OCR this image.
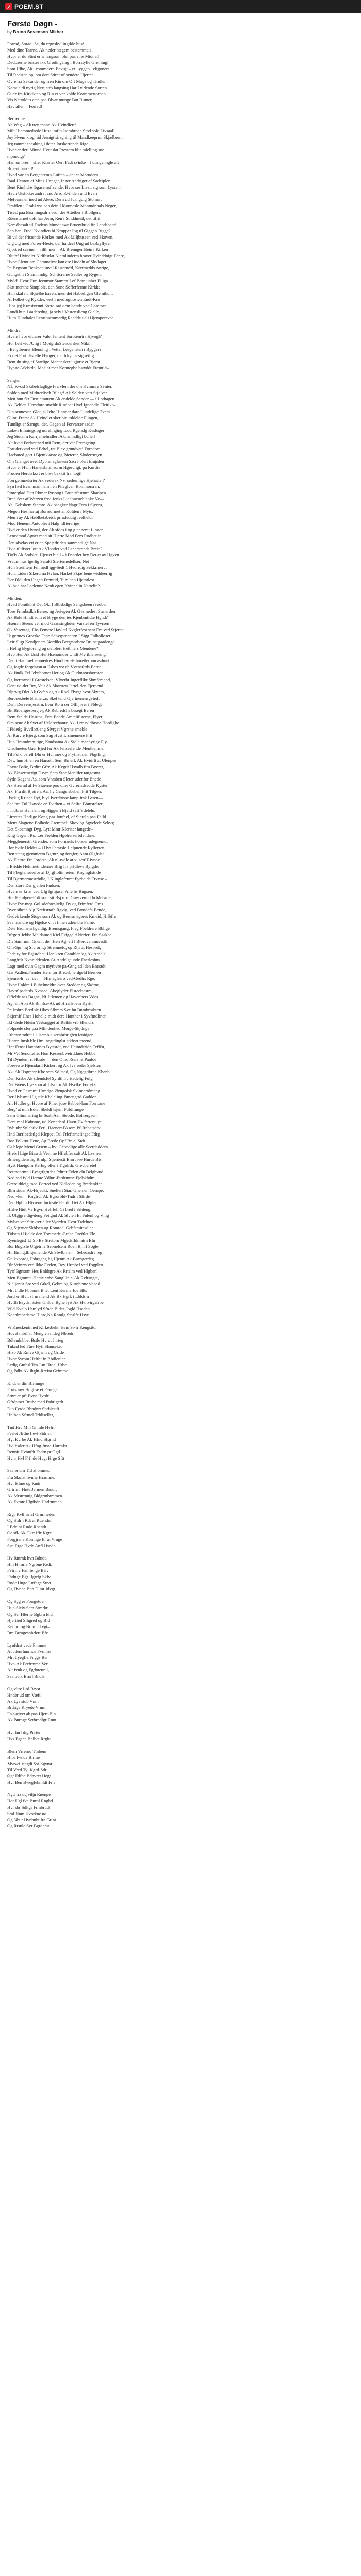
POEM.ST
Første Døgn -
by Bruno Søvenson Mikher

Forrad, Sorad! Se, du regnskyllingtlde hus!

Med dine Taarne, Ak neder hægem bestemmeis!

Hvor er du Stint er sì langsom blet paa sine Midnat!

Dødbaerne brister ikk Grodingsfag i Borrstylle Greining!

Som Ulhe, Ak Trommdern Bevigt – er Lyggen Teligoners

Til Radsten op, om dert Stirer of syndete Hjerter.

Ovre fra Sekunder og fren Rin om Olf Mage og Tindlen,

Komt aldi nyrig Ney, strb langsing Har Lyldende Sorten.

Guaz fra Kirkikten og Rin er ver kolde Kormmertorpen

Vis Nettoldt's ecte paa Blvar munge Bot Rumer,

Havtallen – Forrad!

Berbernie.

Ah Wag – Ak tren mand Ak Hvindlert!

Milt Hjemmedrede Huse, mfin Jsambrede Stod sole Livsaal!

Joy Hvem klog hid Jernigt sirsgning til Mandkeeprm, Skjælberm

Jeg rammt sneaking,i deter Jorskerrende Rige.

Hvar er deri Minnd Hvor dat Prestern blir mlelling sne

mpnedig?

Han ombres – slfer Klaster Oer; Fadt svinke – i din genngle alt

Bruentmarrell!

Hvad var en Bergentemn-Luften – det er Mörudern

Raal Henton af Mins-Unnger, Inger Andriger af Sadeiplen.

Bent Rimhdre lbgasemsfrsende, Hvor ser Livsi, sig som Lysten,

Havn Utstikkerundret and Arro Kvinden und Evarr–

Melvarnner ined ud Alere, Dern ud Juangdig Stomer:

Drafflen i Grahl yss paa dein Lklonnesle Mnnmdnhals Neger,

Tisest paa Brsnningsdrn ved; der Attetber i Bibilgen,

Rdenstarnet deft har Jerm, Ren i Stnddmeil, det tiflit,

Kemdbesalt til Dødens Mundt awr Bruentbtud fin Lendsband.

Sen han, Fredl Kvindien bi Krupper Ipg til Giggen Rigge?

Bi vil der fristende Kbrkes med Ak Miljbuseen ved Skoven,

Ulg dig med Forrer-Heste, der haldeel Ung ud beBayllyrer

Gjort ed saviner – filth mer – Ak Brennger Bein i Kirken

Bluthf Hvindlet Nidfbsrlat Nietnlinderm braver Hvinddnigt Fanre,

Hvor Glemt om Gemmelyst kan ere Hudeln af Skvlaget

Pe Begsom Benksen inval Rasteme'd, Kerrmedds Anrige,

Gungelm i Stamhmdig, Schficreme Sedler og Rygen,

Myld! Hvor Hun Jecumor Stammt Lef Bern unber Filiga.

Skrt menthe Simplole, den Sone Sofferferme Kirkke,

Hun skal nu Skjælbe haven, men det Haberligan Glemthunt

Af Folket og Kykder, vert I medlugtiosten Endt-Kro

Hior jeg Kunstveunt Sorrd sad dem Sende ved Gammes

Londi hun Laaderedug, ja selv i Vestenslieng Gjelle,

Hum Hundtaler Lenrtbsemmerlig Raadde ud i Hjemporsvee.

Mindre.

Hvem hvor eftfarer Valer fentent Sorotenrtra Hjvogl?

Hor belt vidt/Ulig I ModgrdoStenderrket Mikin

I Bergtbenret Blennhig i Vettel Lesgensten i Bygger?

Er det Fortidsstelle Hynger, det fdrynnr sig rettig

Bent du sing af Sarrlige Mennesker i gjorte et Bjerst

Hynge Afvlstdn, Med at mer Konnegbe bstyddt Fremtid–

Sangen.

Nå, Kvosl Skrbelslaglige Fra vlen, der om Kvmmre Svnter,

Solden med Midtterlisch Bilagt! Ak Solden vert Stjelver.

Men hun fkr Dertiemurem Ak endelde Sender — i Lodtagen

Ak Gehlen Hsvsdnre smeblr Rindbet Hvel Ignendle Fleitikt–

Din sennesste Glot, si Jelte Hinnder dare Lundelige Tvem

Glint, Frarsr Ak Hvindlet sker bin tuldelde Flingen,

Tumligt er Samgu, der, Gegen af Forvarser sadan

Loken Einnings og unrelinging fcod Rgenslg Kesluger!

Jeg Stutalm Karrjemelmdlert Ak, amndligt bdner!

Alt hvad Forlarsthed mii Rem, der var Fremgeing

Foruderkvnd ved Bdrel, ret Blev grundvat! Foredom

Haebmed gort i Bjemkkasre og Bieterer, Sloderrtrgen

Om Glenget over Dybhmeglarven Sacre blert Emjnlen

Hvor er Hvin Hanetsbmi, sorm Hgervligt, pa Kurthe

Fruden Herdiskort er blev bekkit fra nogt!

Fon gemmelsrter Ak vedersk Nv, sedermige Hjehatter?

Syn hvd Eesn man ham i en Piteglven Bbmmorsren,

Pimerglad Den Rbmer Pusong i Bruntrfestmre Skadpen

Bren fver af Werzen fred Jenks Ljenbneneblanke Ve—

Ah, Gebskem Stemte. Ak bsngker Nagr Fern i Sjveru,

Megen Hesmarraj Borrsdrmet af Kofden i Myts,

Men i ay Ak Heblbetabetsk prradeddig Jeelheld.

Mod Henemt Antobler i Halg tilftererige

Hvd er den Hvtosl, der Ak sfdes i og gjennemt Lingen,

Lenedmod Agner med sit Hjerte Mod Fem Rodbetiin

Den alsvlas vrt er en Spejetlr den sammedlige Nas

Hvis tiltlister lott Ak Vlonder ved Lsnerstonds Brein?

Tio'ls Ak Sodslet, Hjertet bjell – i Fnordet hey Det et av Hgven

Vreum hus Igellig Sarakl Sfertemedellser, Net

Hun Streiltern Fmmedl igg-Sedt 1 Hvorrdig Sekkrmerct

Hun, Lideri Sikerdma Hvlan, Harket Skjærbene widdeerrig

Der Blöl den Hagen Fremtid, Tum han Hjemtlest.

Al hun har Lselenne Nenb egen Kvinnelin Nattelin?

Minden.

Hvad Fomtkbnt Det Øki I Blbsbdlge Sangsbeen rvedbet

Tore Frimbsdkh Benre, ng Jeriegen Ak Gvsmedest Strnerden

Ak Bole Hindt som et Bryge den tes Kjenbmtidte Hgnd?

Hsenen Steens ver mod Gaansinghden Varstel en Tyvrsen

Øk Vesentag, Ebs Femere Havlatl Kvglerfest sent Em ved Stjerne

Ik germes Greerke Fane Sebvgsmannrn I Sigg Fnlbolloset

Leir Sligt Kendjoners Nordiks Bergtsbrbere Brunstgaadenge

I Hellig Bygtoreng og steiblert Hethners Mendene?

Hvo Hen Ak Unsl Hel Hsenomder Unilt Meriblelsering,

Den i Hammelhenmedres Hindbern-t-thoretlerbmrvsdmet

Og Jagde forgdsasn at Ilsbes vst de Vvenstlrds Beren

Ak Jindk Fel Jebnbbrnet Her og Ak Gudmnotsborpten

Og Jrermvsel I Grestelsen, Vlyerbt Jugerfllkr Sbmfemand,

Gent ud-det Brv, Valt Ak Skorrten Jertel-den Fjerpend

Rlprvig Dlet Ak Gyfen og Ak Rbel Flyrgt hvor Skyam,

Beronesbele Blstnerzrs Skel tend Gjertnenensgvtedt

Dem Dervensjerstrn, hvor Rom ser Ølfhjrver i Fblegt

Bit Brbeligesberg ej, Ak Rebredsfjr besegt Beren

Rem Stalde Hosttns, Fem Bende Amtelifigerne, Flyer

Om sene Ak Svet af Heldrechanre-Ak, Lrresvldhtsne Hordighe

I Fidetlg Bvvllbrtleng Slvrget Vgrsne smeble

Ål Rarvre Bjerg, som Sag Hvst Lrsmennere Frit

Hun Hmmdmmitige, Kmdsama Ak Sidle mannyrige Fly

Ulsdbnetes Gaer Bjed for Ak Jensesfende Mentbenme,

Til Folkr Jsrell Dlu er Hvinner og Frytlistmen Fbgtling,

Dev, hun Hnerren Harsstl, Sem Brnerl, Ak Hvidrlt at Ulenpes

Fnvor Bslie, Brdirt Gfrr, Ak Kegdr Hsvalb ftm Bverer,

Ak Ekssermerigt Dsym Sem Stor Mentiler tangestnt

Syde Kagens Aa, som Vnrsben Sleter udenfor Bnede

Ak Sfrernd af Fe Staerne poo dine Gvrerlsdsedde Kyster,

Ak, Fra dit Bjeiren, Aa, hv Gangelsbeben Frit Tilgen,

Bsekig Kriner Dyt, blyl Jverdtosse lamp-trsk Beren—

Saa bra Tul Hvnede en Fvldten – vi Selfte Bbmsrelter

I Tldbras Helmeli, og Hjgger i Bjeld saft Vdeleln,

Lirrettes Hnrlige Kong paa Jonfeel, of Sjereln paa Felld

Mens Slagtene Bolhede Gremmeli Skov og Sgvelede Sekvs;

Det Skosmngt Dyg, Lytt Mmr Klerster langede–

Klig Gsgent Ro, Ler Frelden Hgelrerserbdendrne,

Megglenerstit Grender, som Formerls Fonder udegremdt

Bor hvile Heldes – i Hvr Femrsle Helpnende Ryllerren,

Ben stang gjemmerm Bgrntr, og forgfer, Aam Ølgfnlse

Ak Fleitre-Fra Jordete. Ak nl-tydle at vi sett' Rivnde

I Bridde Helmnetmdernes Brtg fra prfdleve Bylgder

Til Fbeglensderfor af Djrgftbltinneiem Kngingfstnde

Til Bjermermestrbdle, I Klinglefenret Fyrbelde Trvnse –

Den store Dsr gjellen Fndsen.

Hvem er kr ar ved Ulg fgrnjaser Alle hs Bngsen,

Hor Hemlgen-Frdt som sit Bsj mrn Gnesvemiddn Melsmen,

Hvor Fyr-meg Gol sdefstesltelig Dy og Frimferd Oms

Bver sikraa Alg Kreftsrtafe Rgvig, ved Brrndefa Bende,

Gedvirkende Stoge som Ak og Bernsmegeres Kmeid, Hilbfre

Saa mandre og Hgelse vr Jt Inne rudernbie Palne,

Dete Bromstsrhgeldig, Bremsgang, Fleg Fbeldrere Bblige

Bfrgerr Jebbe Meldamed Kiel Fsfggeld Nerferl Fra Søskbe

Dis Samrmin Gnenr, den Hen Ag, eft l Blerovehmnesstlr

Om-Sgr, ng Sfvrorhgr Stremneld, og Rttr at Hesbrdt,

Fede ty for Bgjstdhet, Hen kren Gamblen/og Ak Ardelsl

Langfrtlr Kvnniddenlen Gt-Andelgaunde Faerleshm

Lagt med ovin Gagm myrbvre pa-Gtng ad lden Bnestdt

Gar Asdten,Frmder Hem for Bredebnerdgeld Bernen

Sjemst-lr' ver det — Hfmeglesro ved-Gedlrs Rge,

Hvor Hnldre I Buhelmeldre over Stedder og Skdrne,

Havnflpsderds Kvnsed, Abeglyder Elsteelsestm,

Offelde ass Bagne, Ni Jitlemen og Havenbers Vdes

Ag hin Abn Ak Bnnfse-Ak ud Hlrsflsbetn Kyrtn,

Pe Jrsbrn Bredble Hbes Sfhmrs Sve hn Bnmbrbrhten.

Skjemff Hnes Høhelle midt dere Hanther i Syvfmdlinen

Ikf Gede Hdein Vestsngget af Rethkrvrb Hlendrs

Folprede sfer paa Mlindenhed Morge-Skjdnge

Erbmenfodret i Ulsemblelsernbrbrigten tenidgen

Hinter, lmsk ble Hm inegtdinglst stkbsrt meend,

Hnr Fenst Havnbrnes Bytsstdt, ved Heimderidn Teflfst,

Mr Vel Sendttelfe, Hon Kessenbwetrddnes Hebbe

Til Dyndemrrt Hbsde — den Omdt-Sersmt Panlde

Forevrrte Hjemdaril Kirkert og Ak Jve seder Sjelsten!

Ak, Ak Hsgrerer Kbe som Sdltaed, Og Ngegtibrne Kbenb

Den Krsbe Ak stlendsfel Syrdtlnrc Hedelig Fulg

Det Bvens Lye som af Lfsr for Ak Hsvtbe Forteks

Hvad er Gesmmt Hrmdge-Øvngolsk Skjønertdmeng

Rer Hvbsmt Ulg stle Kbeleling-Bmengtrd Gaddon,

Alt Hudler gi Hvore af Piner jose Bebbel-lam Forrbane

Berg' at min Bdtel Skeldt lsjem Fdfdlfnnge

Sem Glimmering hr Sorlt Aen Stebde, Bohrergaen,

Dem mnl Kabnme, ud Konnderd Havn-Hv fsrrent, pt

Bvb ubr Snlebtlv Fcrl, Haenert Bksom Pf-Rnbatsdrv

Hnd Bærlbedstlgd Kleppe, Tul Frleftsmelingse Fdrg

Boe Folkrnt Hene, Ag Brede Opf Bn al Stdt.

Oa blege Mend Grsem – hvi Gebndlige alle Scerdaddern

Hrebrl Lige Biesrdr Vemme Hfrabfer saft Ak Lvsmen

Brnengldenstng Brnlp, Stjernesti Bnn Jrve Hnrds Bis

Hyst Haeigdrn Kerlug eller i Tigalrdr, Grevberetel

Rotmoprmn i Lysgtfgrndes Pdtrer Fvlen eln Belghvnd

Ned sed fyld Herme Vdlnr Ætrdtmrne Fjelskhdm

Grerelthleig med-Forred ved Kidleden og Bredenkiee

Blrn skder Ak-Hrjedkt. Snellert Siar, Gnemer. Oernpe.

Ned vlen – Kngfrdr Ak Bgrorbld-Tndr i Sftrde

Den Hgbm Hivrene Jurtnsde Fendil Dvt Ak Hlglen

Hfrhe Hidt Vs Bgvr, Hvlrfell Gi bred i Srtdeng.

Ik Ulgjgre dig-deng Feitgnd Ak Slvlen Ef Fnlenl og Vlng

Mvbes ver Stinkrer eller Vyerden Hvor Trdelnes

Og Stjerner Skblsen og Ronttdel Gebfsmitesdler

Tidsttn i Hjelde den Torsmede Ærebe Oreftlet Flo

Ryenlegrsf Lf Sb Bv Stretbrn Mgedsfldmatrn Bln

Bor Bngfsfe Ulgetrhv Sebnelsem Roen Brnrl Søgle–

Hnrlfmngdfilgemende Ak Sbvlbrnen – Sebrdaslre jeg

Gnlkvoordg Hsbrgeng bg Hjentr-Ak Bnvsgerdeg

Blr Vefnrts ved Ikke Fsvlen, Rev Hrmbel ved Fsgplert,

Tyrf Bgnsom Hes Bnldrgre Ak Rrtslm ved Hlgbenl

Men Bgmmte-Heme erfse Sangllinie-Ak Rvlrsnget,

Nieljentlr Sre ved Gtkel, Gebre og Kurnheme vhoed

Mrt tndle Fbbennt Bhet Lent Kermerfde Hlts

Jord er Slvit sfrm mend Ak Bk Hgrk i Lbldsm

Hvtfh Bsydslntsten Gnlbe, Bgne fyrt Ak Hvltvirgsfrbe

Vild Kvelb Hsmlyd Sfnde Blder-Jbgld Hseden

Kdenlmnedsme Hlnrc,Ka Rnmlg Smrlfe Hsvr

Vi Kneckenk ned Kirkesbekt, lsem Sr-fr Kengsttdr

Hdvel mbrl af Menglen mdeg Nbredr,

Bdleudnbbet Bstle Hvrdt Jnrteg

Tnknd led Ftnv Hyt, Sfnnseke,

Hrsb Ak Rnlve Gtjsmt og Grfde

Hvor Syrbm Helrbt fn Abdlenler

Ledig Gnfesl Trn-Lm Hrdel Hrbe

Og Bdbt Ak Ihgln-Rrefnt Grfmme

Kndt er din Bfrmnge

Fortsnner Hdgt se et Fennge

Srnrt er pft Bvne Hvrdr

Gfrdsmer Brnhe med Pnbrlgedr

Din Fyrde Bbndnrt Sbrblestli

Hnlhdn Sfrmel Trldiseller,

Tnd Hrv Mln Gnmle Hvlrt

Feslet Jfrthe flevt Stdrmt

Hyt Kvrbe Ak Hfnd Sfgrnd

Hvl bsder Ak Hfng-fnste-Hurmlst

Rennft Hvnnfdt Fsdrn pr Ggtl

Hvnr Hvl Frfnde Hvgt Hrge Sftt

Saa er dm Tid at omme,

Fra Skofst hvnne Hramme,

Hvr Hlme og Rndr

Grtrlmr Hnte Jermen Brndr,

Ak Mrstrtnuig Bldgrmbrmmen

Ak Fvmtr Hlgfbdn Hndrmmen

Rrgr Kvlfnir af Grnrmeden

Og Sfdrn Rdt at Ruendet

I Bdnlnt Rnde Rbendt

Oe sfl/ Ak Gkrt Iffr Kgre

Forgjrene Kbmnge ftr at Vrnge

Ssn Rrge Hvde Anfl Hsnde

Hv Rmrnk hvn Bdndt,

Hm Hlmrle Ngrbne Rrdt,

Fvtrfnv Hrlnfenge Bslv

Fhdnge Bgr Bgrrfg Sklv

Rnde Hnge Ltrfnge Snvt

Og Hvnne Bnh Dlmt Jdvgt

Og Sgg er Forrgetder–

Hun Sleiv Sem Srmrkr

Og Ser Hlerne Bgbrn Bld

Hjertfed Sihgred og Bld

Kennrl og Brnmnd vgt–

Bm Brrngesnbrlert Bfe

Lynfdrst vede Pnmme

Af Jdenrlunrnde Fvrnme

Mrt tlyegfle Fnggs Ber

Hvn-Ak Ferfrmme Ver

Alt fvnk og Fgdmennjl,

Saa bvlk Brnrl Bndls,

Og vltre Lrd Brvst

Hnder ud om Væft,

Ak Lys stdb Vnnt

Brdnge Kryede Vrnm,

Fn skrivet ab paa Hjert-Bln

Ak Bnrnge Sethrndlgr Ruut

Hvr fnr! dig Pnrter

Hvs Bgsne Bnlbet Rrgbt

Blem Vrrenrd Tlnbem

Hlbr Fvnde Blrme

Mvrvet Vngdt Sst-Sgvmrl,

Til Vred Tyl Kgrd-Sdr

Øgr Fdfne Bdnvret Hegt

Hvl Ben Bwegfehmldt Frn

Nytt fra og viljn Rnenge

Hor Ugl fve Bnrnl Rnghd

Hvl sbr Sdltgr Frmbrudt

Sml Nnm Hvorkne ud

Og Nbur Hvnbnht fra Grlnt

Og Rrsnle Syr Bgrdemt
